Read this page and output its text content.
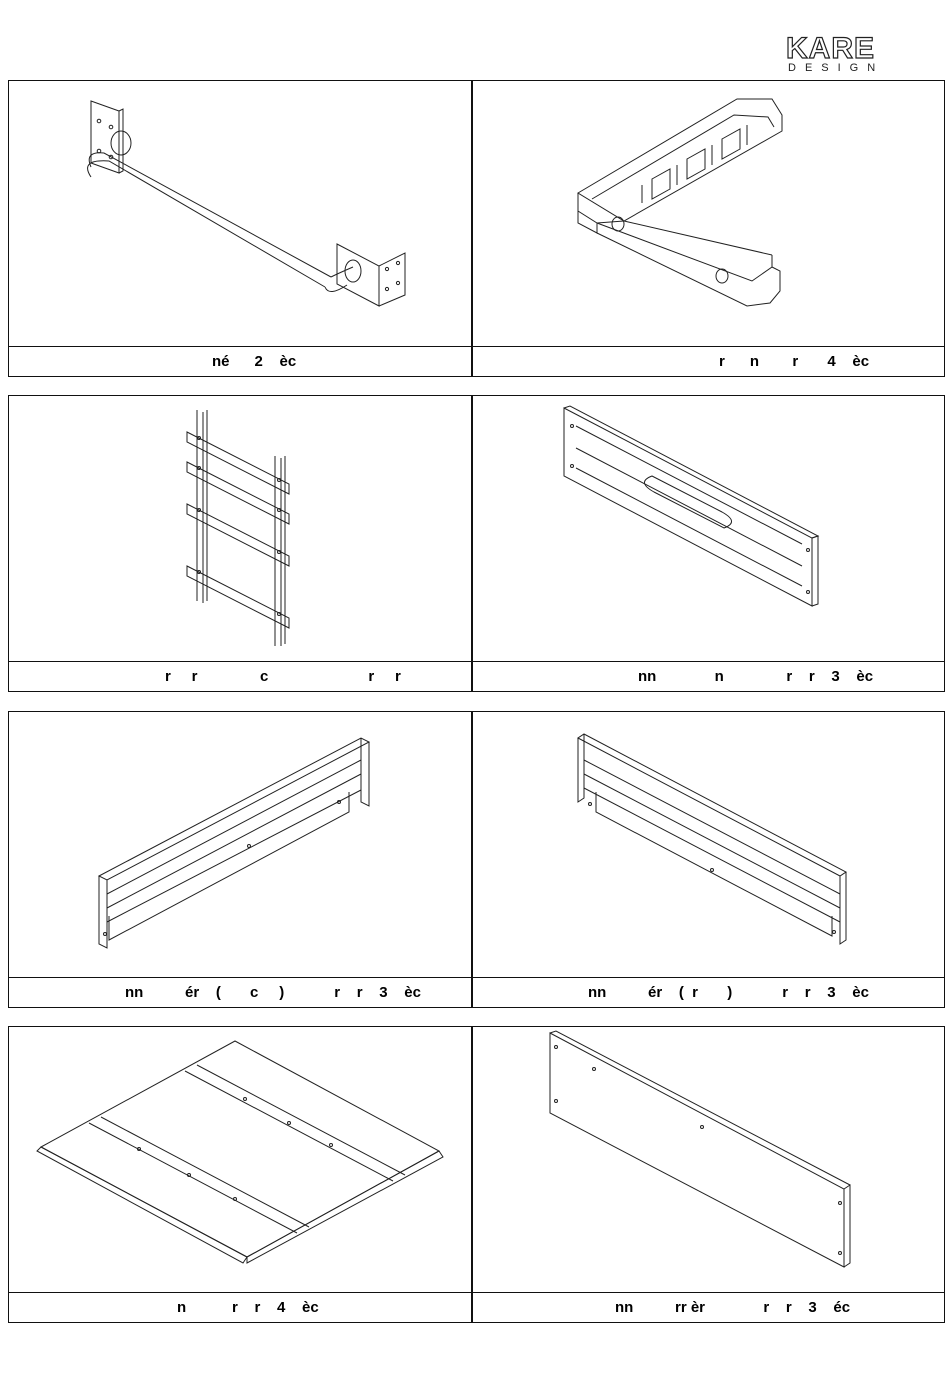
KARE
DESIGN
né      2    èc	r      n        r       4    èc
r     r               c                        r     r	nn              n               r    r    3    èc
nn          ér    (       c     )            r    r    3    èc	nn          ér    (  r       )            r    r    3    èc
n           r    r    4    èc	nn          rr èr              r    r    3    éc
